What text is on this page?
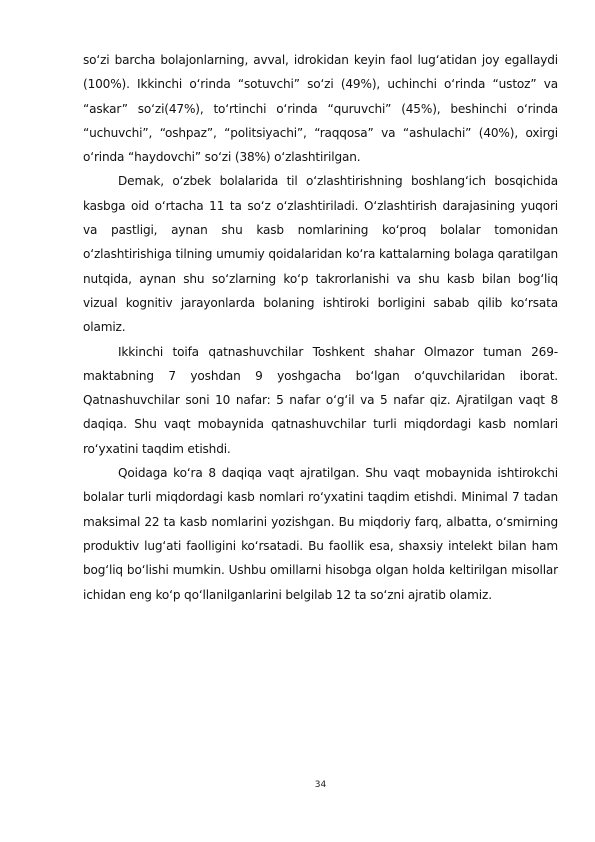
so‘zi barcha bolajonlarning, avval, idrokidan keyin faol lug‘atidan joy egallaydi (100%). Ikkinchi o‘rinda “sotuvchi” so‘zi (49%), uchinchi o‘rinda “ustoz” va “askar” so‘zi(47%), to‘rtinchi o‘rinda “quruvchi” (45%), beshinchi o‘rinda “uchuvchi”, “oshpaz”, “politsiyachi”, “raqqosa” va “ashulachi” (40%), oxirgi o‘rinda “haydovchi” so‘zi (38%) o‘zlashtirilgan.

Demak, o‘zbek bolalarida til o‘zlashtirishning boshlang‘ich bosqichida kasbga oid o‘rtacha 11 ta so‘z o‘zlashtiriladi. O‘zlashtirish darajasining yuqori va pastligi, aynan shu kasb nomlarining ko‘proq bolalar tomonidan o‘zlashtirishiga tilning umumiy qoidalaridan ko‘ra kattalarning bolaga qaratilgan nutqida, aynan shu so‘zlarning ko‘p takrorlanishi va shu kasb bilan bog‘liq vizual kognitiv jarayonlarda bolaning ishtiroki borligini sabab qilib ko‘rsata olamiz.

Ikkinchi toifa qatnashuvchilar Toshkent shahar Olmazor tuman 269-maktabning 7 yoshdan 9 yoshgacha bo‘lgan o‘quvchilaridan iborat. Qatnashuvchilar soni 10 nafar: 5 nafar o‘g‘il va 5 nafar qiz. Ajratilgan vaqt 8 daqiqa. Shu vaqt mobaynida qatnashuvchilar turli miqdordagi kasb nomlari ro‘yxatini taqdim etishdi.

Qoidaga ko‘ra 8 daqiqa vaqt ajratilgan. Shu vaqt mobaynida ishtirokchi bolalar turli miqdordagi kasb nomlari ro‘yxatini taqdim etishdi. Minimal 7 tadan maksimal 22 ta kasb nomlarini yozishgan. Bu miqdoriy farq, albatta, o‘smirning produktiv lug‘ati faolligini ko‘rsatadi. Bu faollik esa, shaxsiy intelekt bilan ham bog‘liq bo‘lishi mumkin. Ushbu omillarni hisobga olgan holda keltirilgan misollar ichidan eng ko‘p qo‘llanilganlarini belgilab 12 ta so‘zni ajratib olamiz.

34
